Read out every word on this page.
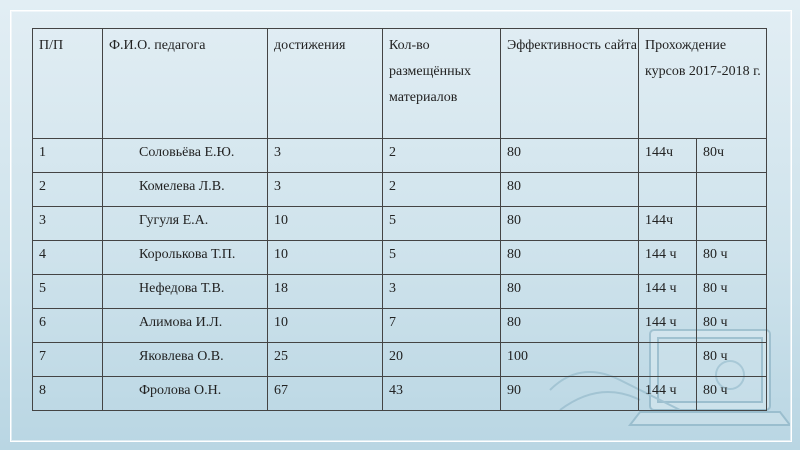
П/П	Ф.И.О. педагога	достижения	Кол-во размещённых материалов	Эффективность сайта	Прохождение курсов 2017-2018 г.	
1	Соловьёва Е.Ю.	3	2	80	144ч	80ч
2	Комелева Л.В.	3	2	80		
3	Гугуля Е.А.	10	5	80	144ч	
4	Королькова Т.П.	10	5	80	144 ч	80 ч
5	Нефедова Т.В.	18	3	80	144 ч	80 ч
6	Алимова И.Л.	10	7	80	144 ч	80 ч
7	Яковлева О.В.	25	20	100		80 ч
8	Фролова О.Н.	67	43	90	144 ч	80 ч
